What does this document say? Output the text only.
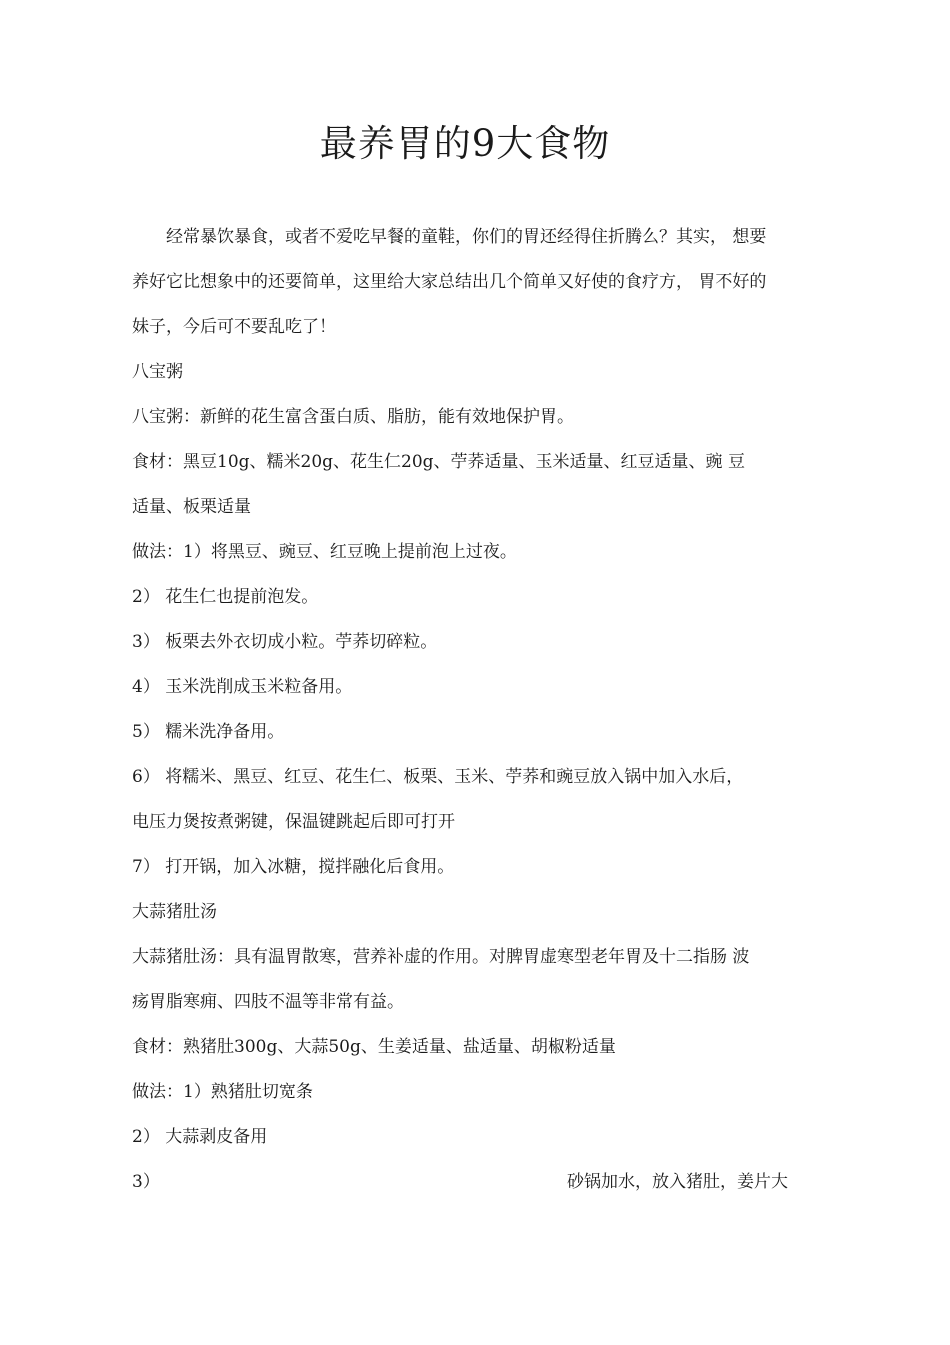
最养胃的9大食物
经常暴饮暴食，或者不爱吃早餐的童鞋，你们的胃还经得住折腾么？其实， 想要
养好它比想象中的还要简单，这里给大家总结出几个简单又好使的食疗方， 胃不好的
妹子，今后可不要乱吃了！
八宝粥
八宝粥：新鲜的花生富含蛋白质、脂肪，能有效地保护胃。
食材：黑豆10g、糯米20g、花生仁20g、苧荞适量、玉米适量、红豆适量、豌 豆
适量、板栗适量
做法：1）将黑豆、豌豆、红豆晚上提前泡上过夜。
2） 花生仁也提前泡发。
3） 板栗去外衣切成小粒。苧荞切碎粒。
4） 玉米洗削成玉米粒备用。
5） 糯米洗净备用。
6） 将糯米、黑豆、红豆、花生仁、板栗、玉米、苧荞和豌豆放入锅中加入水后，
电压力煲按煮粥键，保温键跳起后即可打开
7） 打开锅，加入冰糖，搅拌融化后食用。
大蒜猪肚汤
大蒜猪肚汤：具有温胃散寒，营养补虚的作用。对脾胃虚寒型老年胃及十二指肠 波
疡胃脂寒痈、四肢不温等非常有益。
食材：熟猪肚300g、大蒜50g、生姜适量、盐适量、胡椒粉适量
做法：1）熟猪肚切宽条
2） 大蒜剥皮备用
3）	砂锅加水，放入猪肚，姜片大
